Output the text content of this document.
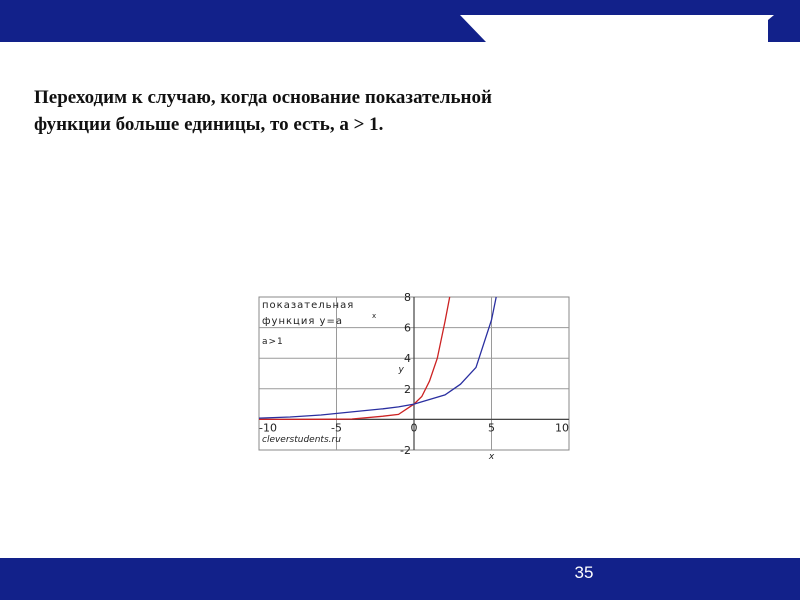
Переходим к случаю, когда основание показательной
функции больше единицы, то есть, a > 1.

-10	-5	0	5	10
8
6
4
2
-2
показательная
функция y=a	x
a>1
cleverstudents.ru
y
x
35
